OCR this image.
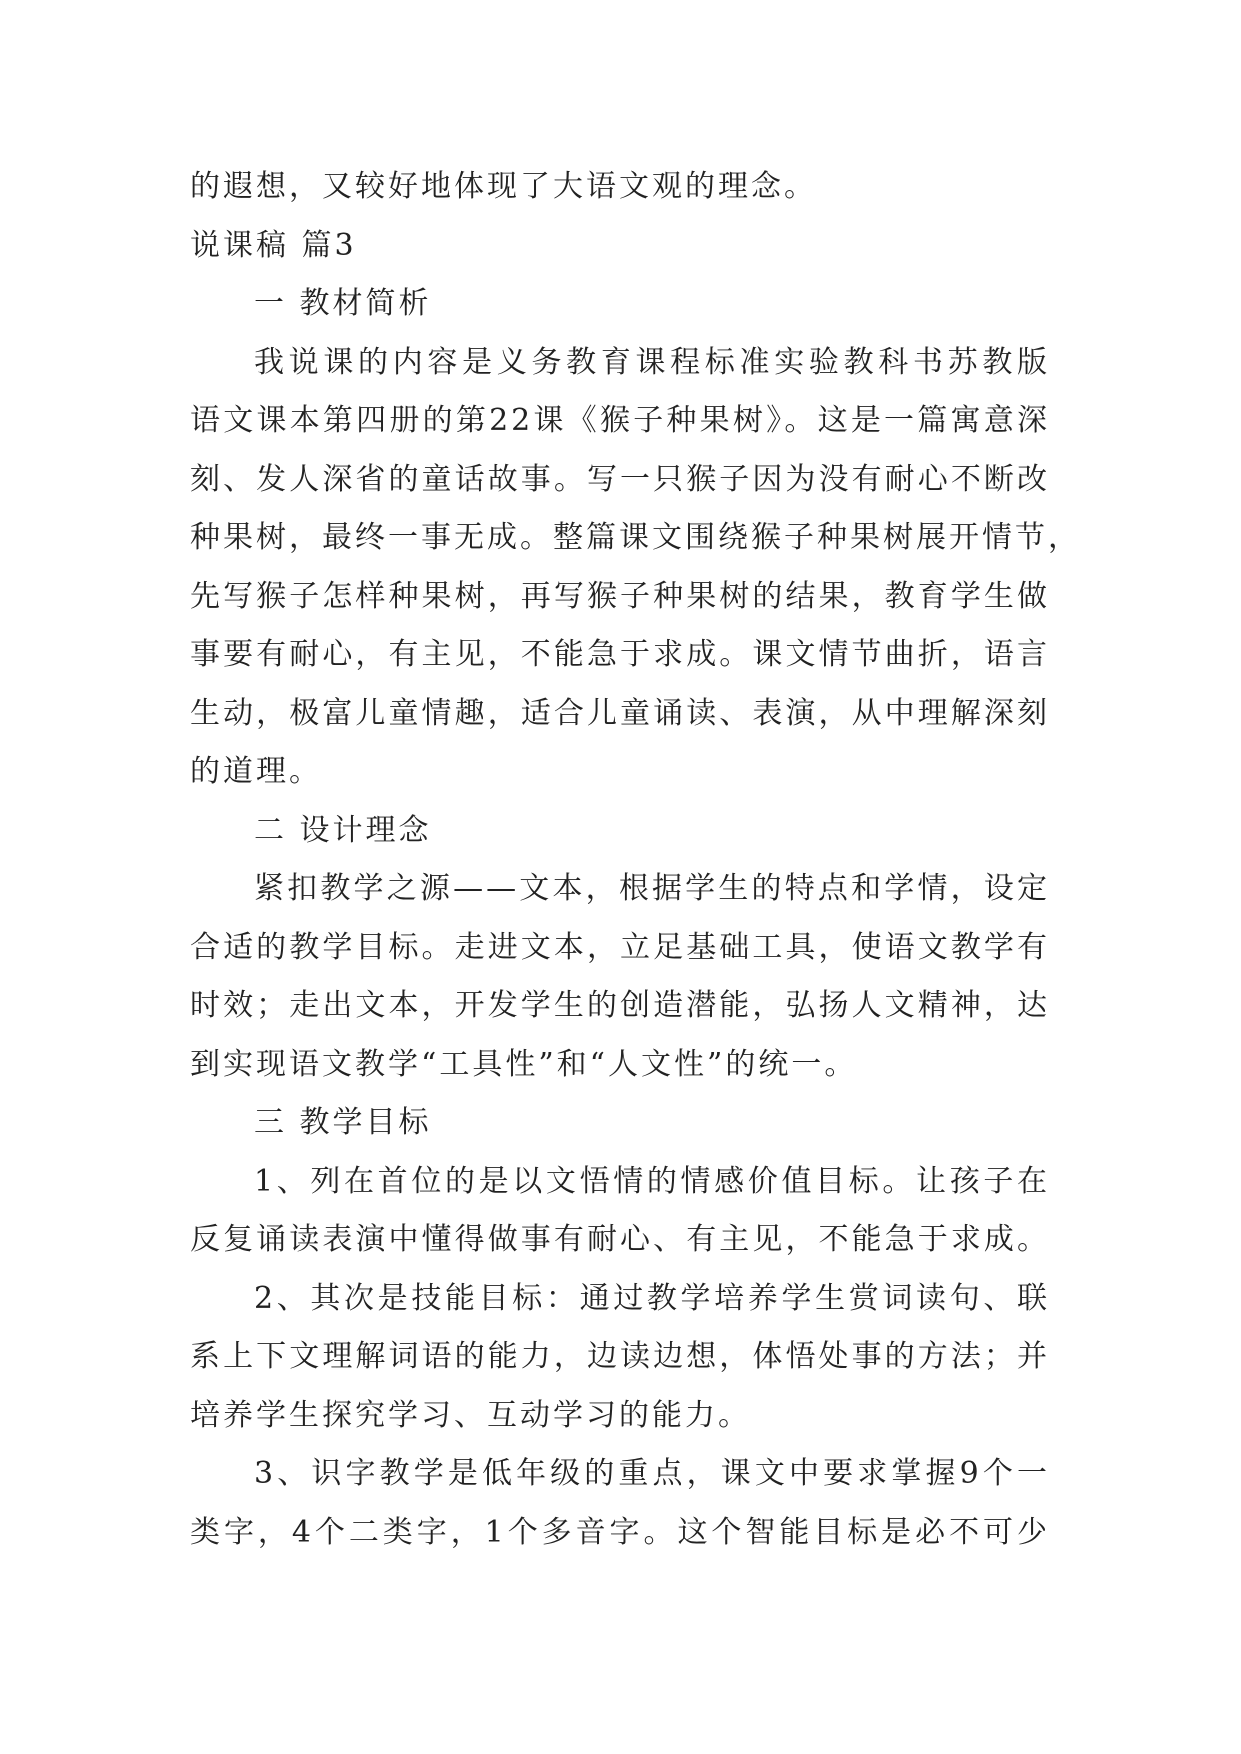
的遐想，又较好地体现了大语文观的理念。
说课稿 篇3
一 教材简析
我说课的内容是义务教育课程标准实验教科书苏教版
语文课本第四册的第22课《猴子种果树》。这是一篇寓意深
刻、发人深省的童话故事。写一只猴子因为没有耐心不断改
种果树，最终一事无成。整篇课文围绕猴子种果树展开情节，
先写猴子怎样种果树，再写猴子种果树的结果，教育学生做
事要有耐心，有主见，不能急于求成。课文情节曲折，语言
生动，极富儿童情趣，适合儿童诵读、表演，从中理解深刻
的道理。
二 设计理念
紧扣教学之源——文本，根据学生的特点和学情，设定
合适的教学目标。走进文本，立足基础工具，使语文教学有
时效；走出文本，开发学生的创造潜能，弘扬人文精神，达
到实现语文教学“工具性”和“人文性”的统一。
三 教学目标
1、列在首位的是以文悟情的情感价值目标。让孩子在
反复诵读表演中懂得做事有耐心、有主见，不能急于求成。
2、其次是技能目标：通过教学培养学生赏词读句、联
系上下文理解词语的能力，边读边想，体悟处事的方法；并
培养学生探究学习、互动学习的能力。
3、识字教学是低年级的重点，课文中要求掌握9个一
类字，4个二类字，1个多音字。这个智能目标是必不可少
